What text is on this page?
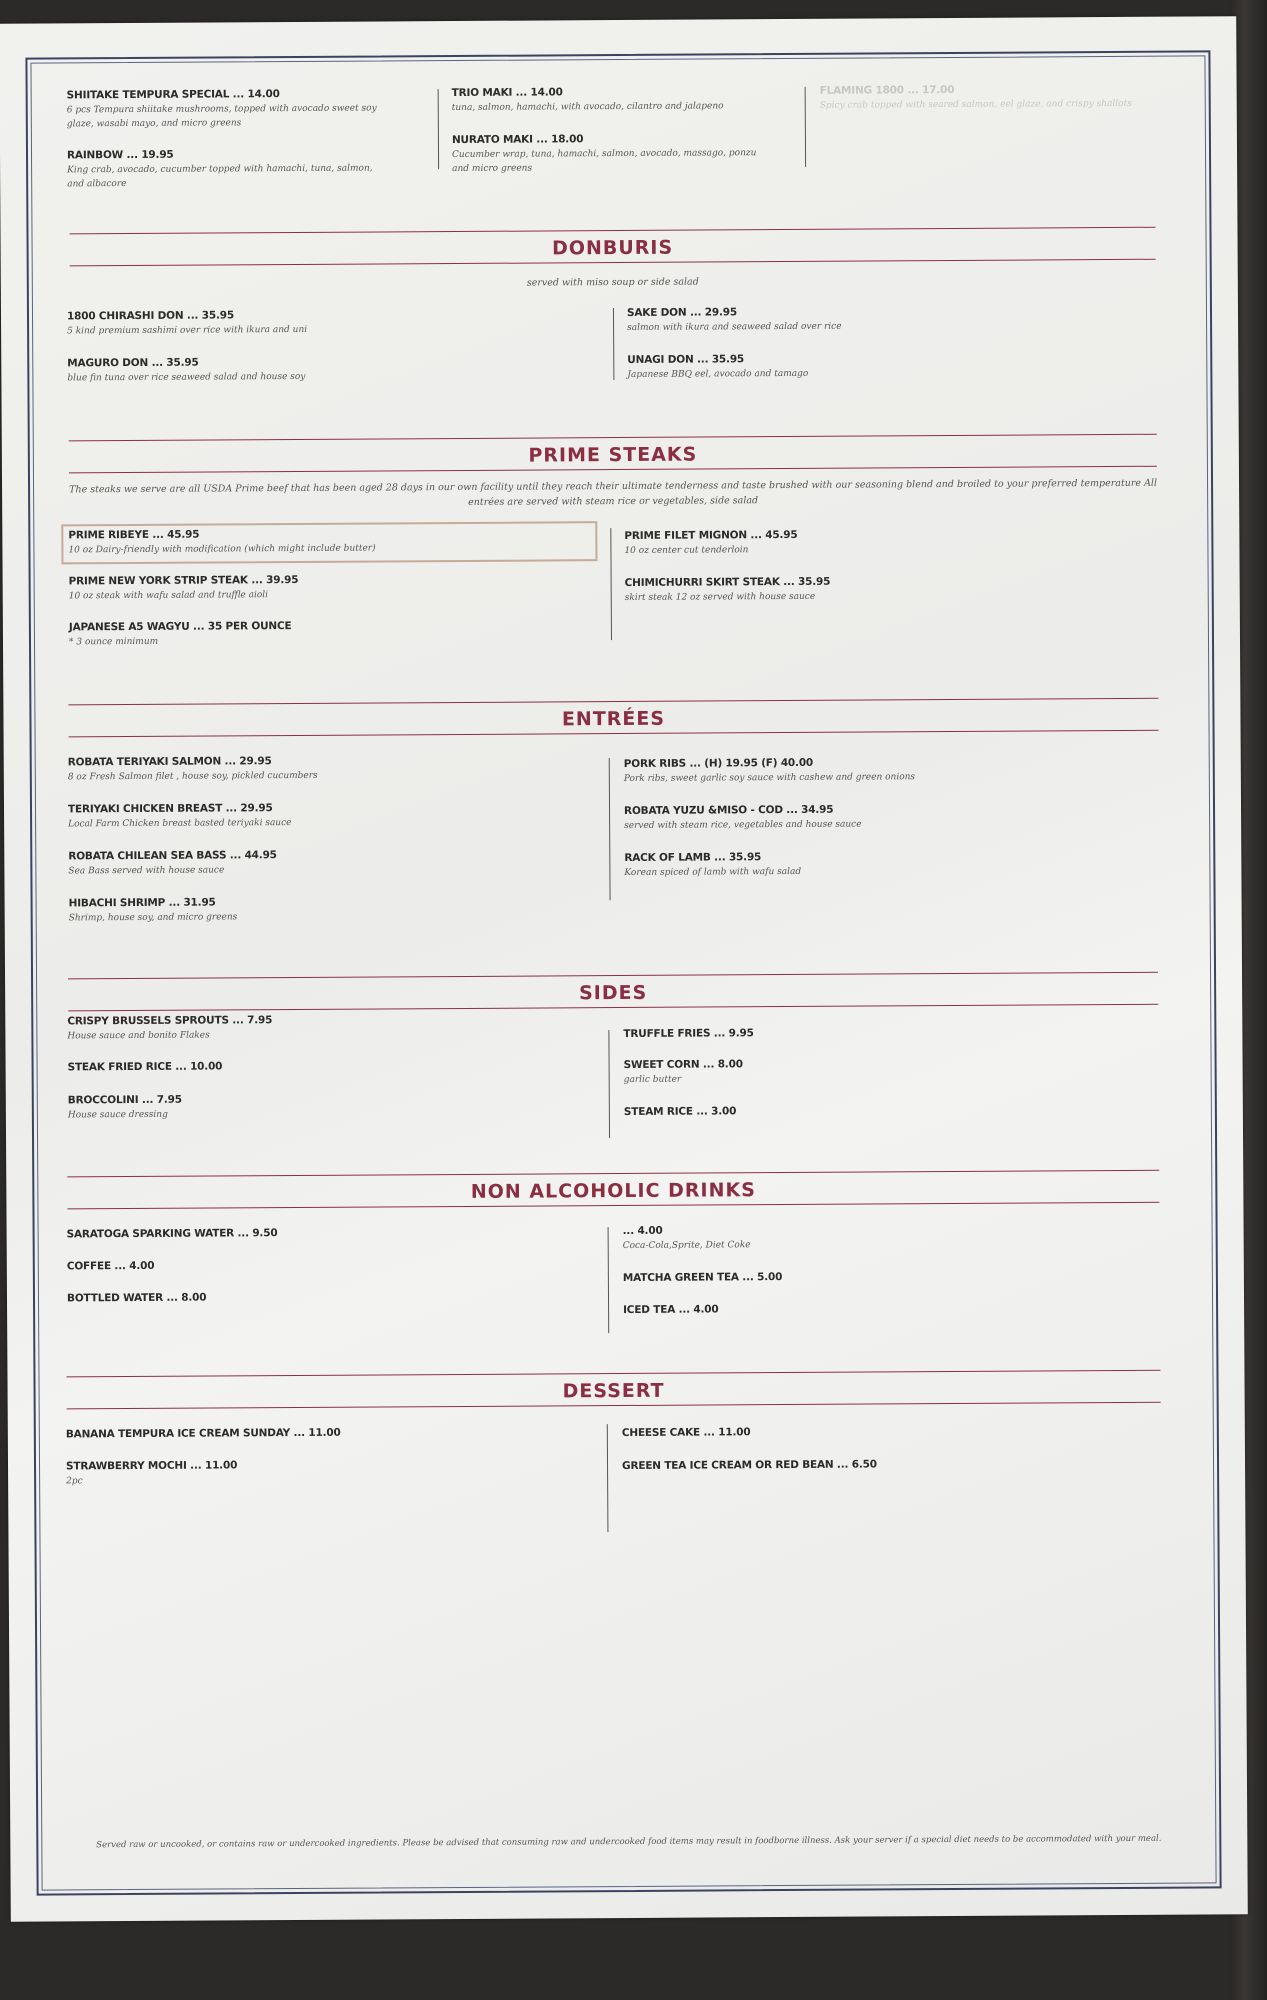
SHIITAKE TEMPURA SPECIAL ... 14.00
6 pcs Tempura shiitake mushrooms, topped with avocado sweet soy glaze, wasabi mayo, and micro greens
RAINBOW ... 19.95
King crab, avocado, cucumber topped with hamachi, tuna, salmon, and albacore
TRIO MAKI ... 14.00
tuna, salmon, hamachi, with avocado, cilantro and jalapeno
NURATO MAKI ... 18.00
Cucumber wrap, tuna, hamachi, salmon, avocado, massago, ponzu and micro greens
FLAMING 1800 ... 17.00
Spicy crab topped with seared salmon, eel glaze, and crispy shallots
DONBURIS
served with miso soup or side salad
1800 CHIRASHI DON ... 35.95
5 kind premium sashimi over rice with ikura and uni
MAGURO DON ... 35.95
blue fin tuna over rice seaweed salad and house soy
SAKE DON ... 29.95
salmon with ikura and seaweed salad over rice
UNAGI DON ... 35.95
Japanese BBQ eel, avocado and tamago
PRIME STEAKS
The steaks we serve are all USDA Prime beef that has been aged 28 days in our own facility until they reach their ultimate tenderness and taste brushed with our seasoning blend and broiled to your preferred temperature All entrées are served with steam rice or vegetables, side salad
PRIME RIBEYE ... 45.95
10 oz Dairy-friendly with modification (which might include butter)
PRIME NEW YORK STRIP STEAK ... 39.95
10 oz steak with wafu salad and truffle aioli
JAPANESE A5 WAGYU ... 35 PER OUNCE
* 3 ounce minimum
PRIME FILET MIGNON ... 45.95
10 oz center cut tenderloin
CHIMICHURRI SKIRT STEAK ... 35.95
skirt steak 12 oz served with house sauce
ENTRÉES
ROBATA TERIYAKI SALMON ... 29.95
8 oz Fresh Salmon filet , house soy, pickled cucumbers
TERIYAKI CHICKEN BREAST ... 29.95
Local Farm Chicken breast basted teriyaki sauce
ROBATA CHILEAN SEA BASS ... 44.95
Sea Bass served with house sauce
HIBACHI SHRIMP ... 31.95
Shrimp, house soy, and micro greens
PORK RIBS ... (H) 19.95 (F) 40.00
Pork ribs, sweet garlic soy sauce with cashew and green onions
ROBATA YUZU &MISO - COD ... 34.95
served with steam rice, vegetables and house sauce
RACK OF LAMB ... 35.95
Korean spiced of lamb with wafu salad
SIDES
CRISPY BRUSSELS SPROUTS ... 7.95
House sauce and bonito Flakes
STEAK FRIED RICE ... 10.00
BROCCOLINI ... 7.95
House sauce dressing
TRUFFLE FRIES ... 9.95
SWEET CORN ... 8.00
garlic butter
STEAM RICE ... 3.00
NON ALCOHOLIC DRINKS
SARATOGA SPARKING WATER ... 9.50
COFFEE ... 4.00
BOTTLED WATER ... 8.00
... 4.00
Coca-Cola,Sprite, Diet Coke
MATCHA GREEN TEA ... 5.00
ICED TEA ... 4.00
DESSERT
BANANA TEMPURA ICE CREAM SUNDAY ... 11.00
STRAWBERRY MOCHI ... 11.00
2pc
CHEESE CAKE ... 11.00
GREEN TEA ICE CREAM OR RED BEAN ... 6.50
Served raw or uncooked, or contains raw or undercooked ingredients. Please be advised that consuming raw and undercooked food items may result in foodborne illness. Ask your server if a special diet needs to be accommodated with your meal.
